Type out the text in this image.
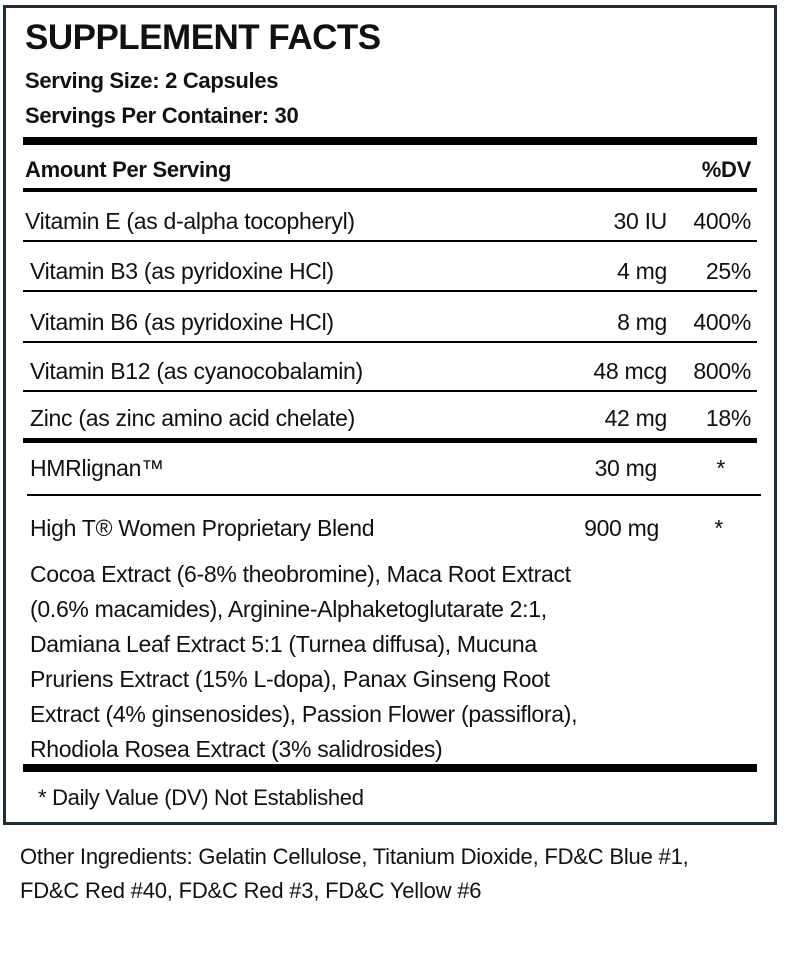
SUPPLEMENT FACTS
Serving Size: 2 Capsules
Servings Per Container: 30
Amount Per Serving	%DV
Vitamin E (as d-alpha tocopheryl)	30 IU 400%
Vitamin B3 (as pyridoxine HCl)	4 mg 25%
Vitamin B6 (as pyridoxine HCl)	8 mg 400%
Vitamin B12 (as cyanocobalamin)	48 mcg 800%
Zinc (as zinc amino acid chelate)	42 mg 18%
HMRlignan™	30 mg	*
High T® Women Proprietary Blend	900 mg *
Cocoa Extract (6-8% theobromine), Maca Root Extract
(0.6% macamides), Arginine-Alphaketoglutarate 2:1,
Damiana Leaf Extract 5:1 (Turnea diffusa), Mucuna
Pruriens Extract (15% L-dopa), Panax Ginseng Root
Extract (4% ginsenosides), Passion Flower (passiflora),
Rhodiola Rosea Extract (3% salidrosides)
* Daily Value (DV) Not Established
Other Ingredients: Gelatin Cellulose, Titanium Dioxide, FD&C Blue #1, FD&C Red #40, FD&C Red #3, FD&C Yellow #6
